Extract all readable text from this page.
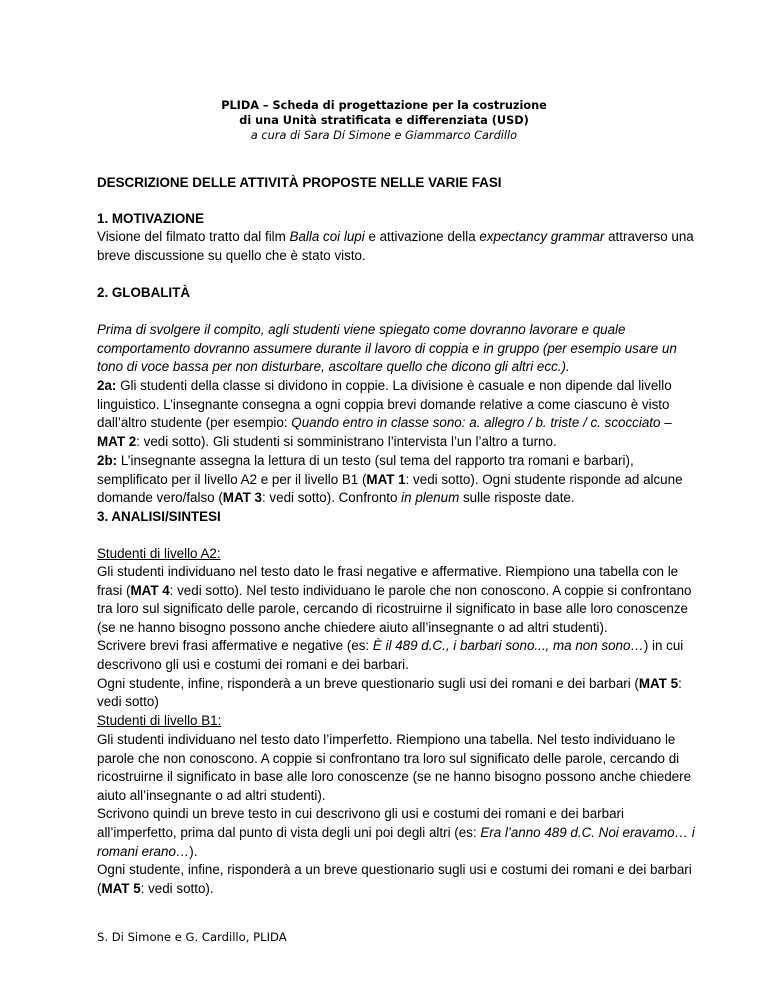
PLIDA – Scheda di progettazione per la costruzione
di una Unità stratificata e differenziata (USD)
a cura di Sara Di Simone e Giammarco Cardillo

DESCRIZIONE DELLE ATTIVITÀ PROPOSTE NELLE VARIE FASI

1. MOTIVAZIONE

Visione del filmato tratto dal film Balla coi lupi e attivazione della expectancy grammar attraverso una breve discussione su quello che è stato visto.

2. GLOBALITÀ

Prima di svolgere il compito, agli studenti viene spiegato come dovranno lavorare e quale comportamento dovranno assumere durante il lavoro di coppia e in gruppo (per esempio usare un tono di voce bassa per non disturbare, ascoltare quello che dicono gli altri ecc.).

2a: Gli studenti della classe si dividono in coppie. La divisione è casuale e non dipende dal livello linguistico. L’insegnante consegna a ogni coppia brevi domande relative a come ciascuno è visto dall’altro studente (per esempio: Quando entro in classe sono: a. allegro / b. triste / c. scocciato – MAT 2: vedi sotto). Gli studenti si somministrano l’intervista l’un l’altro a turno.

2b: L’insegnante assegna la lettura di un testo (sul tema del rapporto tra romani e barbari), semplificato per il livello A2 e per il livello B1 (MAT 1: vedi sotto). Ogni studente risponde ad alcune domande vero/falso (MAT 3: vedi sotto). Confronto in plenum sulle risposte date.

3. ANALISI/SINTESI

Studenti di livello A2:

Gli studenti individuano nel testo dato le frasi negative e affermative. Riempiono una tabella con le frasi (MAT 4: vedi sotto). Nel testo individuano le parole che non conoscono. A coppie si confrontano tra loro sul significato delle parole, cercando di ricostruirne il significato in base alle loro conoscenze (se ne hanno bisogno possono anche chiedere aiuto all’insegnante o ad altri studenti).
Scrivere brevi frasi affermative e negative (es: È il 489 d.C., i barbari sono..., ma non sono…) in cui descrivono gli usi e costumi dei romani e dei barbari.
Ogni studente, infine, risponderà a un breve questionario sugli usi dei romani e dei barbari (MAT 5: vedi sotto)

Studenti di livello B1:

Gli studenti individuano nel testo dato l’imperfetto. Riempiono una tabella. Nel testo individuano le parole che non conoscono. A coppie si confrontano tra loro sul significato delle parole, cercando di ricostruirne il significato in base alle loro conoscenze (se ne hanno bisogno possono anche chiedere aiuto all’insegnante o ad altri studenti).
Scrivono quindi un breve testo in cui descrivono gli usi e costumi dei romani e dei barbari all’imperfetto, prima dal punto di vista degli uni poi degli altri (es: Era l’anno 489 d.C. Noi eravamo… i romani erano…).
Ogni studente, infine, risponderà a un breve questionario sugli usi e costumi dei romani e dei barbari (MAT 5: vedi sotto).

S. Di Simone e G. Cardillo, PLIDA
